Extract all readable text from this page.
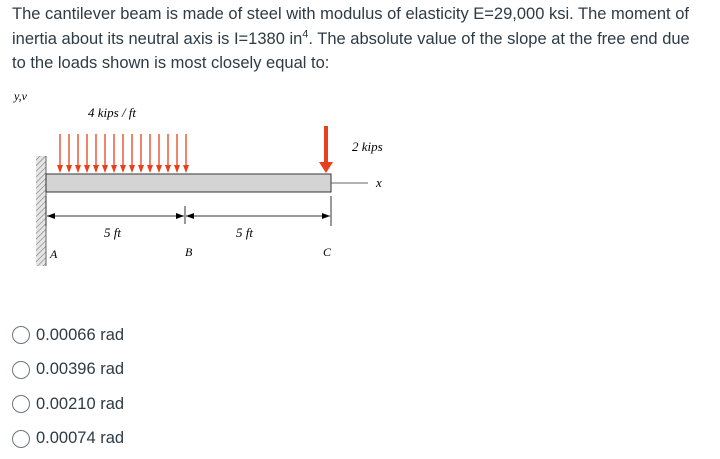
The cantilever beam is made of steel with modulus of elasticity E=29,000 ksi. The moment of inertia about its neutral axis is I=1380 $in^4$. The absolute value of the slope at the free end due to the loads shown is most closely equal to:

y,v
4 kips / ft
x
2 kips
5 ft	5 ft
A	B	C
0.00066 rad
0.00396 rad
0.00210 rad
0.00074 rad
